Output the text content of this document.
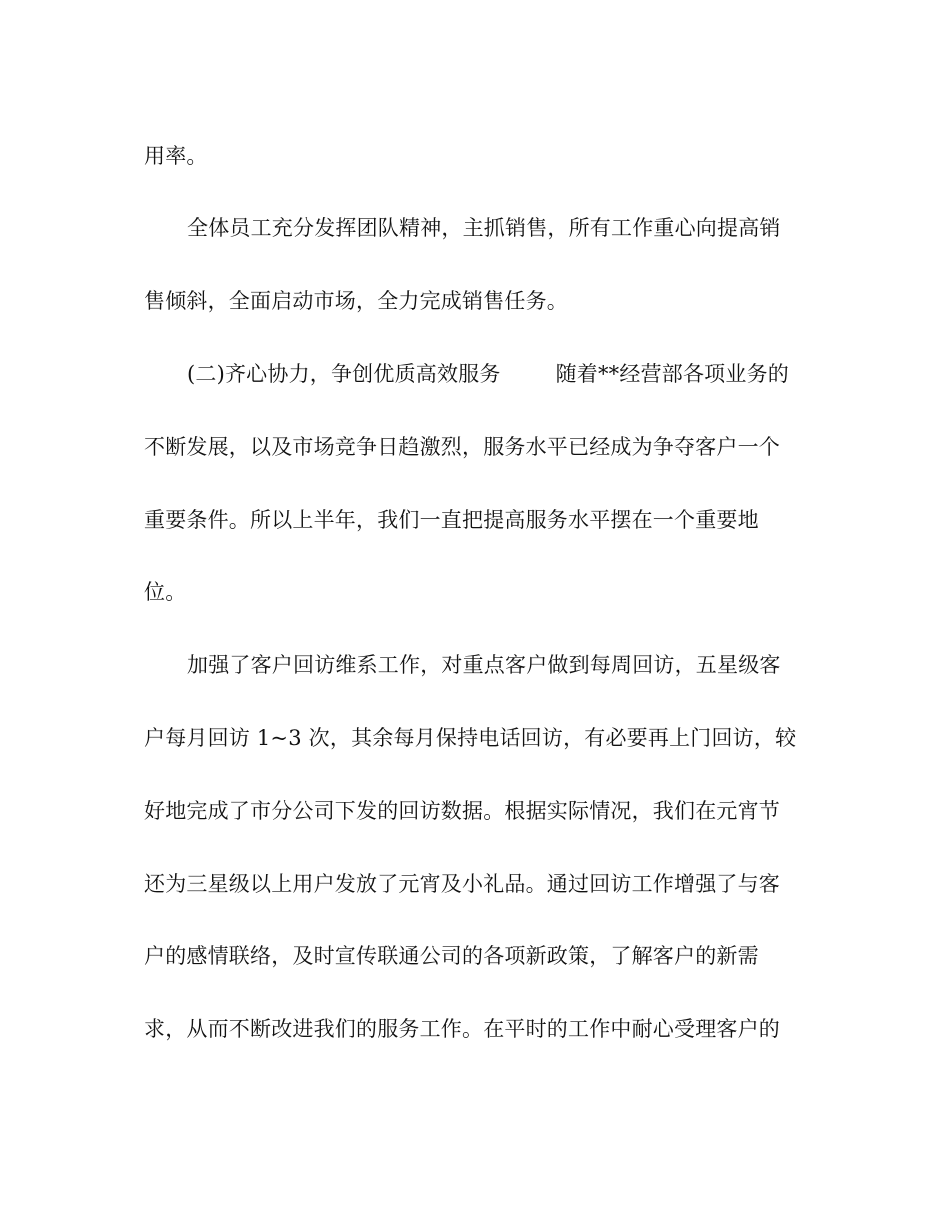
用率。
全体员工充分发挥团队精神，主抓销售，所有工作重心向提高销
售倾斜，全面启动市场，全力完成销售任务。
(二)齐心协力，争创优质高效服务        随着**经营部各项业务的
不断发展，以及市场竞争日趋激烈，服务水平已经成为争夺客户一个
重要条件。所以上半年，我们一直把提高服务水平摆在一个重要地
位。
加强了客户回访维系工作，对重点客户做到每周回访，五星级客
户每月回访 1~3 次，其余每月保持电话回访，有必要再上门回访，较
好地完成了市分公司下发的回访数据。根据实际情况，我们在元宵节
还为三星级以上用户发放了元宵及小礼品。通过回访工作增强了与客
户的感情联络，及时宣传联通公司的各项新政策，了解客户的新需
求，从而不断改进我们的服务工作。在平时的工作中耐心受理客户的
